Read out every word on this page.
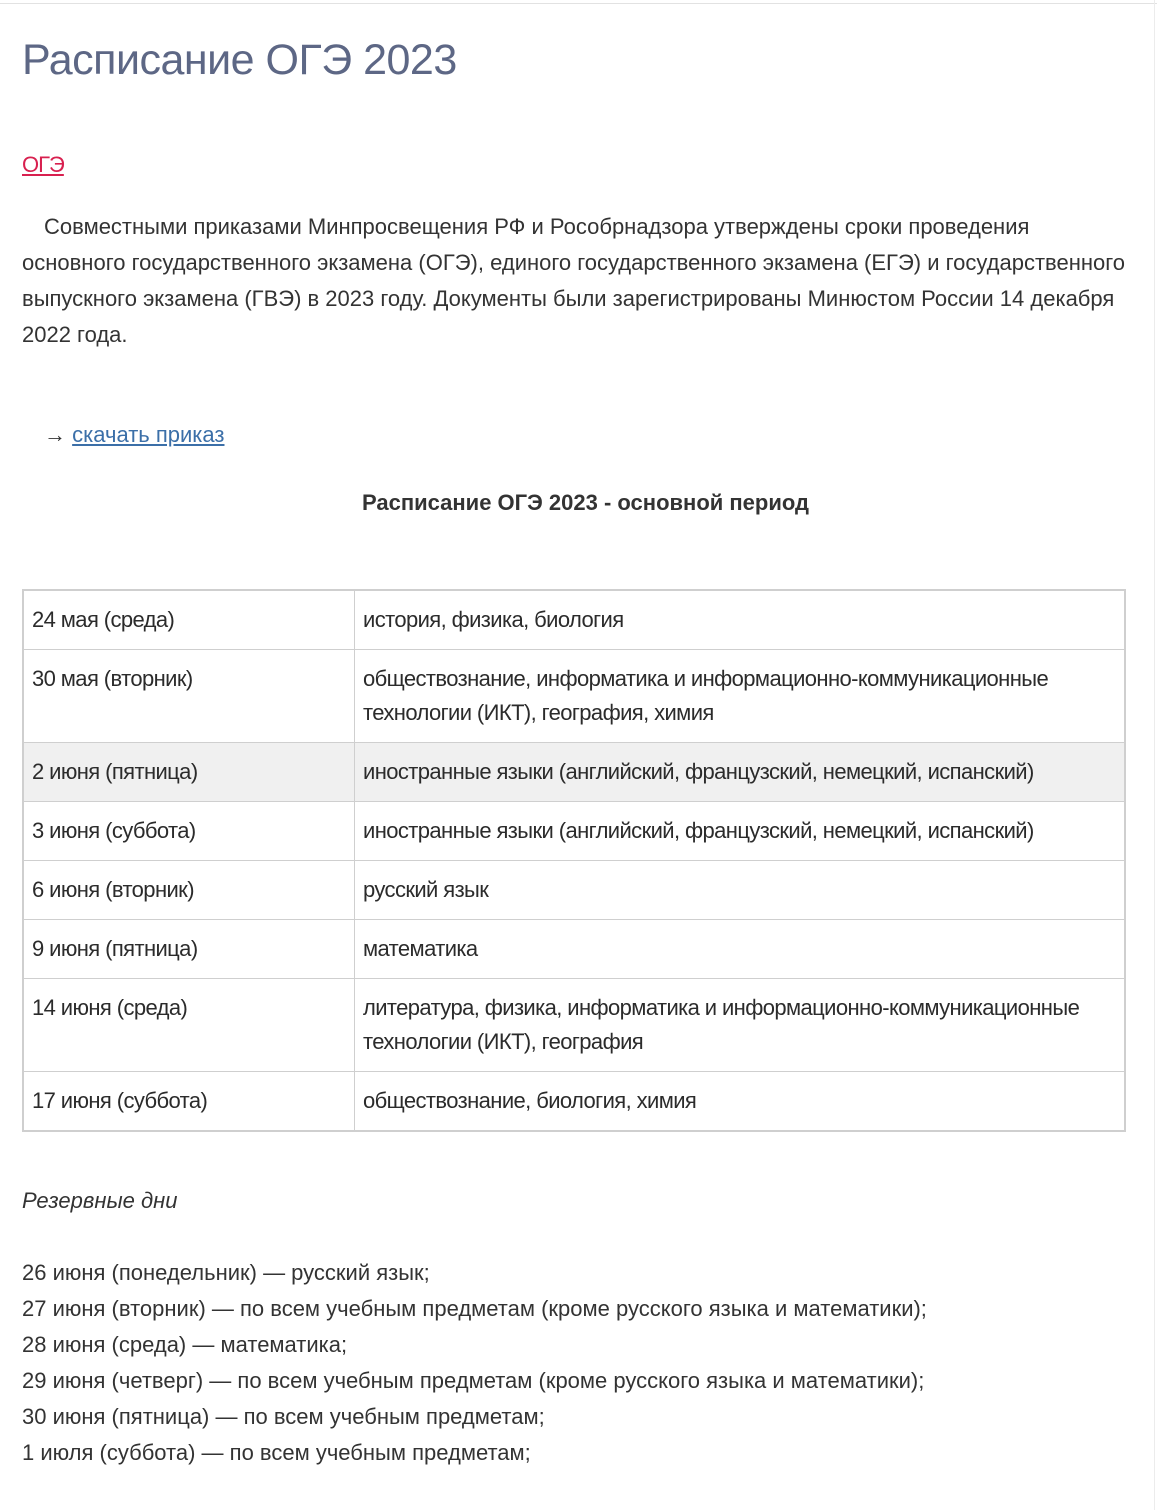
Расписание ОГЭ 2023
ОГЭ

Совместными приказами Минпросвещения РФ и Рособрнадзора утверждены сроки проведения основного государственного экзамена (ОГЭ), единого государственного экзамена (ЕГЭ) и государственного выпускного экзамена (ГВЭ) в 2023 году. Документы были зарегистрированы Минюстом России 14 декабря 2022 года.

→ скачать приказ
Расписание ОГЭ 2023 - основной период
24 мая (среда)	история, физика, биология
30 мая (вторник)	обществознание, информатика и информационно-коммуникационные технологии (ИКТ), география, химия
2 июня (пятница)	иностранные языки (английский, французский, немецкий, испанский)
3 июня (суббота)	иностранные языки (английский, французский, немецкий, испанский)
6 июня (вторник)	русский язык
9 июня (пятница)	математика
14 июня (среда)	литература, физика, информатика и информационно-коммуникационные технологии (ИКТ), география
17 июня (суббота)	обществознание, биология, химия
Резервные дни
26 июня (понедельник) — русский язык;
27 июня (вторник) — по всем учебным предметам (кроме русского языка и математики);
28 июня (среда) — математика;
29 июня (четверг) — по всем учебным предметам (кроме русского языка и математики);
30 июня (пятница) — по всем учебным предметам;
1 июля (суббота) — по всем учебным предметам;
